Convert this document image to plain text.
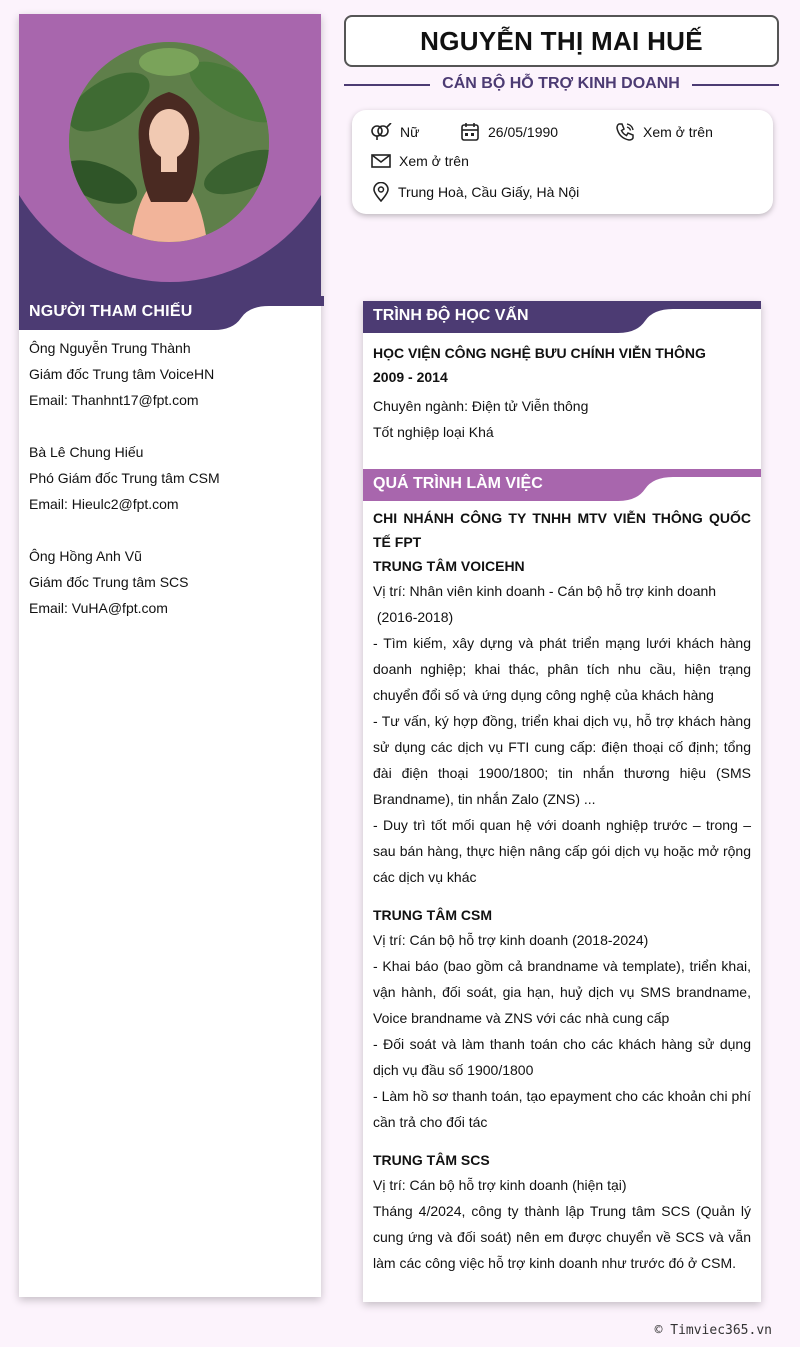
NGƯỜI THAM CHIẾU
Ông Nguyễn Trung Thành
Giám đốc Trung tâm VoiceHN
Email: Thanhnt17@fpt.com
Bà Lê Chung Hiếu
Phó Giám đốc Trung tâm CSM
Email: Hieulc2@fpt.com
Ông Hồng Anh Vũ
Giám đốc Trung tâm SCS
Email: VuHA@fpt.com
NGUYỄN THỊ MAI HUẾ
CÁN BỘ HỖ TRỢ KINH DOANH
Nữ	26/05/1990	Xem ở trên
Xem ở trên
Trung Hoà, Cầu Giấy, Hà Nội
TRÌNH ĐỘ HỌC VẤN
HỌC VIỆN CÔNG NGHỆ BƯU CHÍNH VIỄN THÔNG
2009 - 2014
Chuyên ngành: Điện tử Viễn thông
Tốt nghiệp loại Khá
QUÁ TRÌNH LÀM VIỆC
CHI NHÁNH CÔNG TY TNHH MTV VIỄN THÔNG QUỐC TẾ FPT
TRUNG TÂM VOICEHN
Vị trí: Nhân viên kinh doanh - Cán bộ hỗ trợ kinh doanh
(2016-2018)
- Tìm kiếm, xây dựng và phát triển mạng lưới khách hàng doanh nghiệp; khai thác, phân tích nhu cầu, hiện trạng chuyển đổi số và ứng dụng công nghệ của khách hàng
- Tư vấn, ký hợp đồng, triển khai dịch vụ, hỗ trợ khách hàng sử dụng các dịch vụ FTI cung cấp: điện thoại cố định; tổng đài điện thoại 1900/1800; tin nhắn thương hiệu (SMS Brandname), tin nhắn Zalo (ZNS) ...
- Duy trì tốt mối quan hệ với doanh nghiệp trước – trong – sau bán hàng, thực hiện nâng cấp gói dịch vụ hoặc mở rộng các dịch vụ khác
TRUNG TÂM CSM
Vị trí: Cán bộ hỗ trợ kinh doanh (2018-2024)
- Khai báo (bao gồm cả brandname và template), triển khai, vận hành, đối soát, gia hạn, huỷ dịch vụ SMS brandname, Voice brandname và ZNS với các nhà cung cấp
- Đối soát và làm thanh toán cho các khách hàng sử dụng dịch vụ đầu số 1900/1800
- Làm hồ sơ thanh toán, tạo epayment cho các khoản chi phí cần trả cho đối tác
TRUNG TÂM SCS
Vị trí: Cán bộ hỗ trợ kinh doanh (hiện tại)
Tháng 4/2024, công ty thành lập Trung tâm SCS (Quản lý cung ứng và đối soát) nên em được chuyển về SCS và vẫn làm các công việc hỗ trợ kinh doanh như trước đó ở CSM.
© Timviec365.vn
